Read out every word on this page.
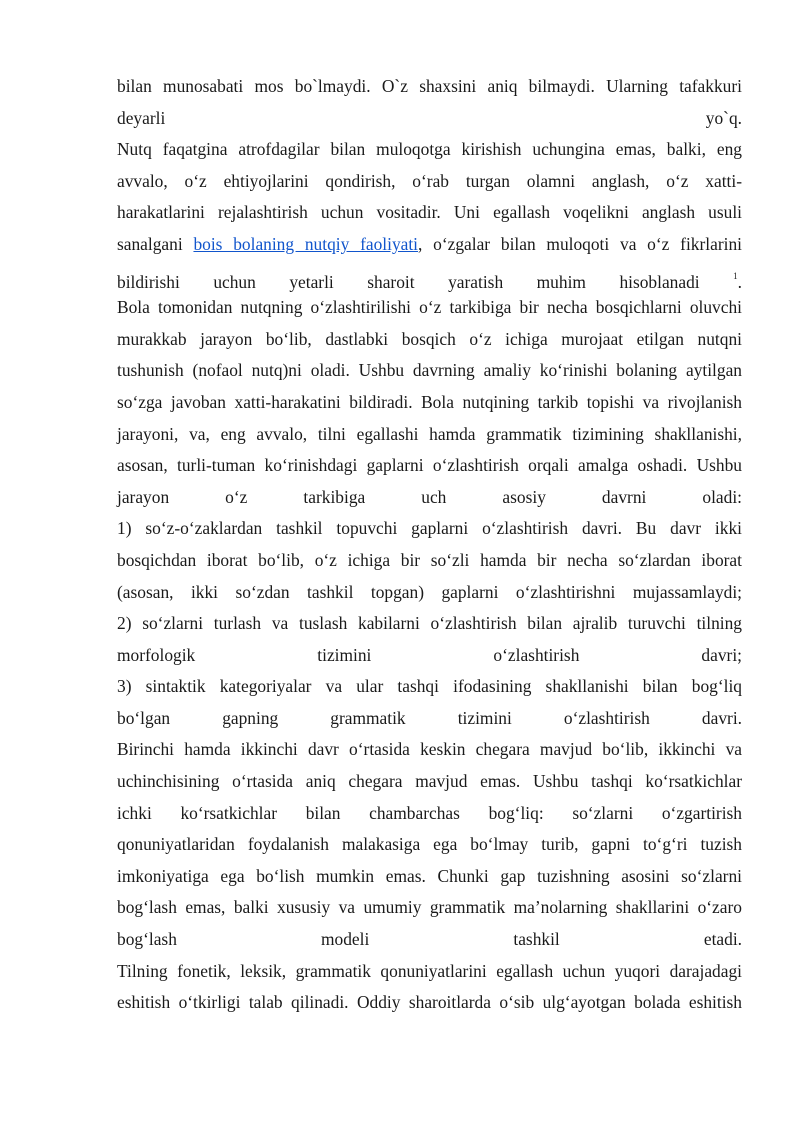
bilan munosabati mos bo`lmaydi. O`z shaxsini aniq bilmaydi. Ularning tafakkuri
deyarli yo`q.
Nutq faqatgina atrofdagilar bilan muloqotga kirishish uchungina emas, balki, eng
avvalo, o‘z ehtiyojlarini qondirish, o‘rab turgan olamni anglash, o‘z xatti-
harakatlarini rejalashtirish uchun vositadir. Uni egallash voqelikni anglash usuli
sanalgani bois bolaning nutqiy faoliyati, o‘zgalar bilan muloqoti va o‘z fikrlarini
bildirishi uchun yetarli sharoit yaratish muhim hisoblanadi $^1$.
Bola tomonidan nutqning o‘zlashtirilishi o‘z tarkibiga bir necha bosqichlarni oluvchi
murakkab jarayon bo‘lib, dastlabki bosqich o‘z ichiga murojaat etilgan nutqni
tushunish (nofaol nutq)ni oladi. Ushbu davrning amaliy ko‘rinishi bolaning aytilgan
so‘zga javoban xatti-harakatini bildiradi. Bola nutqining tarkib topishi va rivojlanish
jarayoni, va, eng avvalo, tilni egallashi hamda grammatik tizimining shakllanishi,
asosan, turli-tuman ko‘rinishdagi gaplarni o‘zlashtirish orqali amalga oshadi. Ushbu
jarayon o‘z tarkibiga uch asosiy davrni oladi:
1) so‘z-o‘zaklardan tashkil topuvchi gaplarni o‘zlashtirish davri. Bu davr ikki
bosqichdan iborat bo‘lib, o‘z ichiga bir so‘zli hamda bir necha so‘zlardan iborat
(asosan, ikki so‘zdan tashkil topgan) gaplarni o‘zlashtirishni mujassamlaydi;
2) so‘zlarni turlash va tuslash kabilarni o‘zlashtirish bilan ajralib turuvchi tilning
morfologik tizimini o‘zlashtirish davri;
3) sintaktik kategoriyalar va ular tashqi ifodasining shakllanishi bilan bog‘liq
bo‘lgan gapning grammatik tizimini o‘zlashtirish davri.
Birinchi hamda ikkinchi davr o‘rtasida keskin chegara mavjud bo‘lib, ikkinchi va
uchinchisining o‘rtasida aniq chegara mavjud emas. Ushbu tashqi ko‘rsatkichlar
ichki ko‘rsatkichlar bilan chambarchas bog‘liq: so‘zlarni o‘zgartirish
qonuniyatlaridan foydalanish malakasiga ega bo‘lmay turib, gapni to‘g‘ri tuzish
imkoniyatiga ega bo‘lish mumkin emas. Chunki gap tuzishning asosini so‘zlarni
bog‘lash emas, balki xususiy va umumiy grammatik ma’nolarning shakllarini o‘zaro
bog‘lash modeli tashkil etadi.
Tilning fonetik, leksik, grammatik qonuniyatlarini egallash uchun yuqori darajadagi
eshitish o‘tkirligi talab qilinadi. Oddiy sharoitlarda o‘sib ulg‘ayotgan bolada eshitish
